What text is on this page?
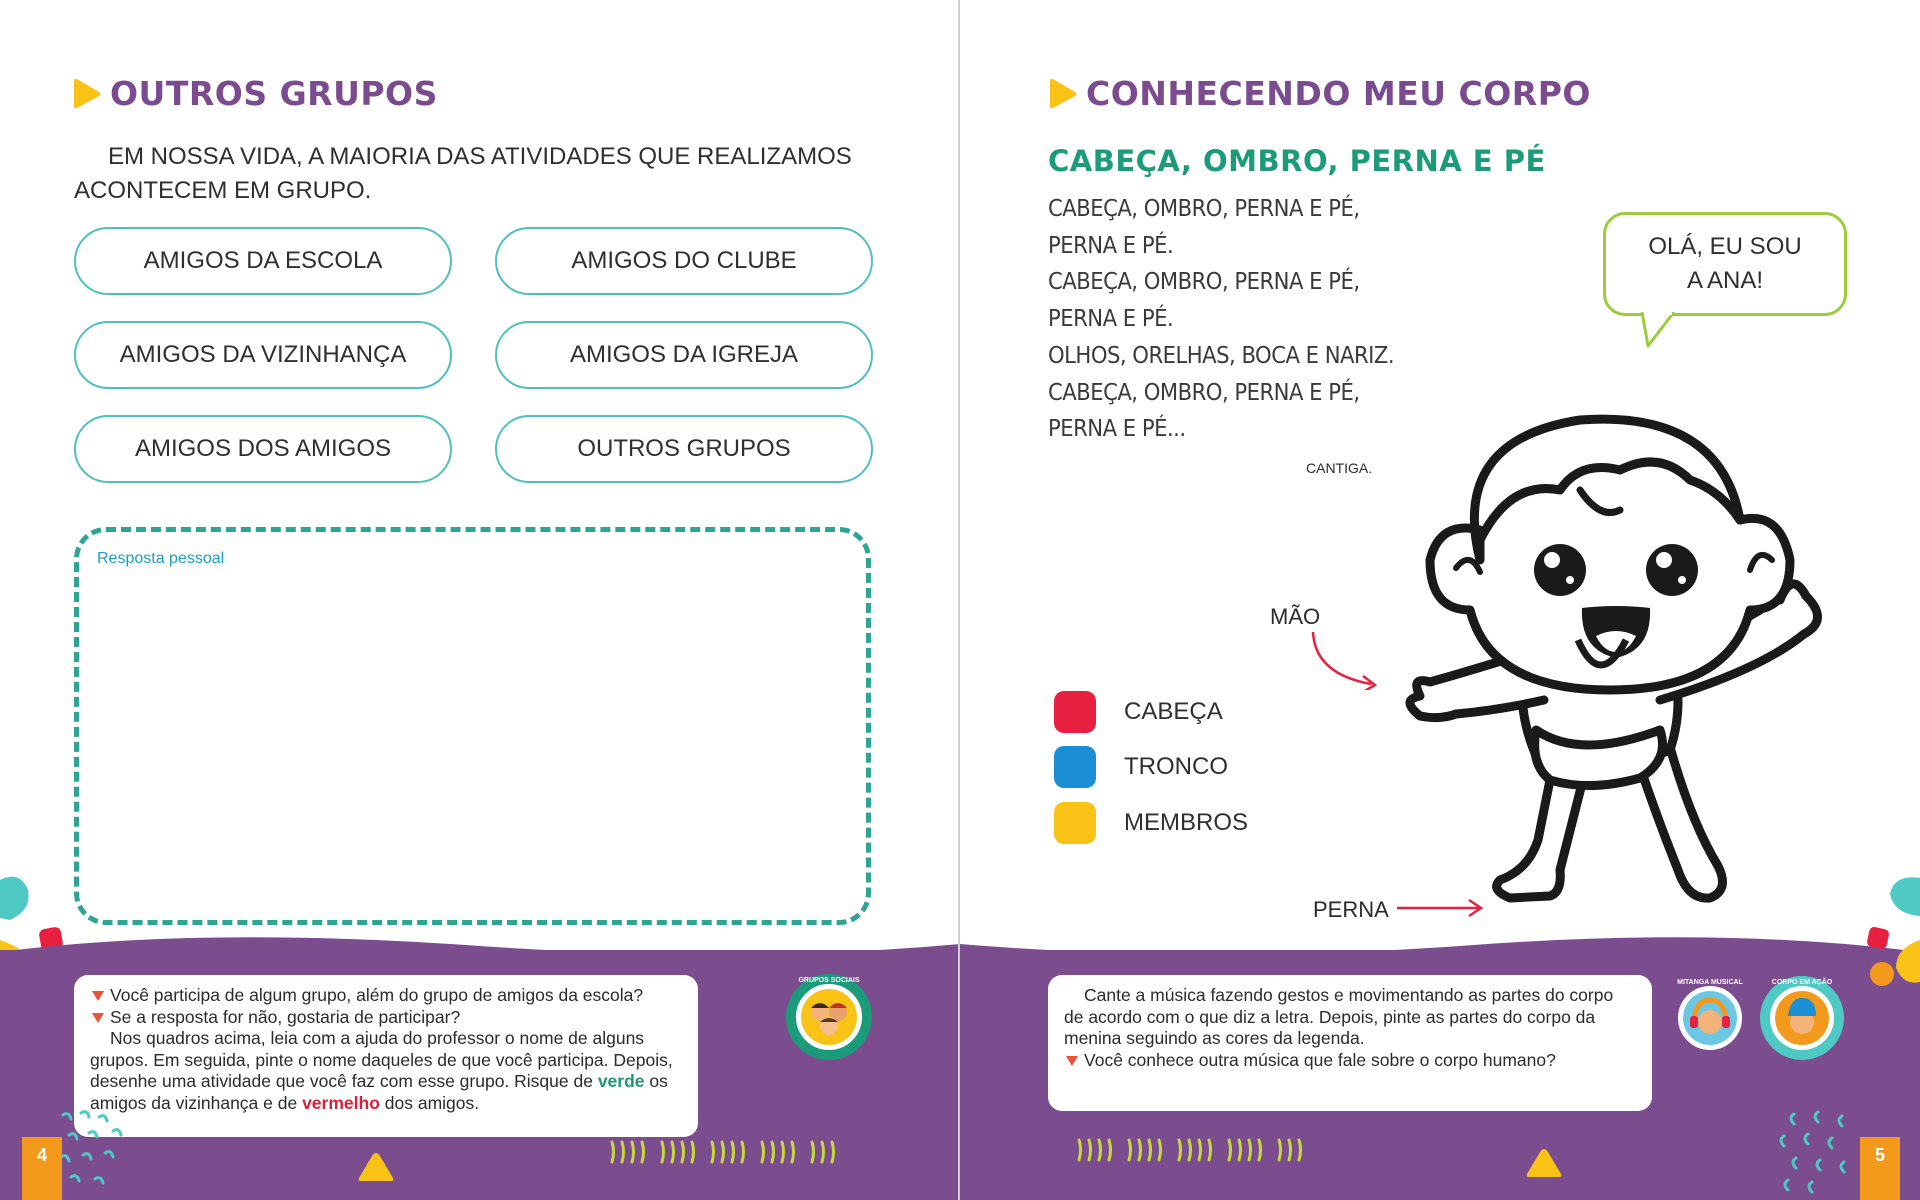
OUTROS GRUPOS

EM NOSSA VIDA, A MAIORIA DAS ATIVIDADES QUE REALIZAMOS ACONTECEM EM GRUPO.

AMIGOS DA ESCOLA	AMIGOS DO CLUBE
AMIGOS DA VIZINHANÇA	AMIGOS DA IGREJA
AMIGOS DOS AMIGOS	OUTROS GRUPOS
Resposta pessoal

Você participa de algum grupo, além do grupo de amigos da escola?

Se a resposta for não, gostaria de participar?

Nos quadros acima, leia com a ajuda do professor o nome de alguns grupos. Em seguida, pinte o nome daqueles de que você participa. Depois, desenhe uma atividade que você faz com esse grupo. Risque de verde os amigos da vizinhança e de vermelho dos amigos.

GRUPOS SOCIAIS
4
CONHECENDO MEU CORPO
CABEÇA, OMBRO, PERNA E PÉ
CABEÇA, OMBRO, PERNA E PÉ,
PERNA E PÉ.
CABEÇA, OMBRO, PERNA E PÉ,
PERNA E PÉ.
OLHOS, ORELHAS, BOCA E NARIZ.
CABEÇA, OMBRO, PERNA E PÉ,
PERNA E PÉ...
CANTIGA.
OLÁ, EU SOU
A ANA!
MÃO
PERNA
CABEÇA
TRONCO
MEMBROS

Cante a música fazendo gestos e movimentando as partes do corpo de acordo com o que diz a letra. Depois, pinte as partes do corpo da menina seguindo as cores da legenda.

Você conhece outra música que fale sobre o corpo humano?

MITANGA MUSICAL	CORPO EM AÇÃO
5
